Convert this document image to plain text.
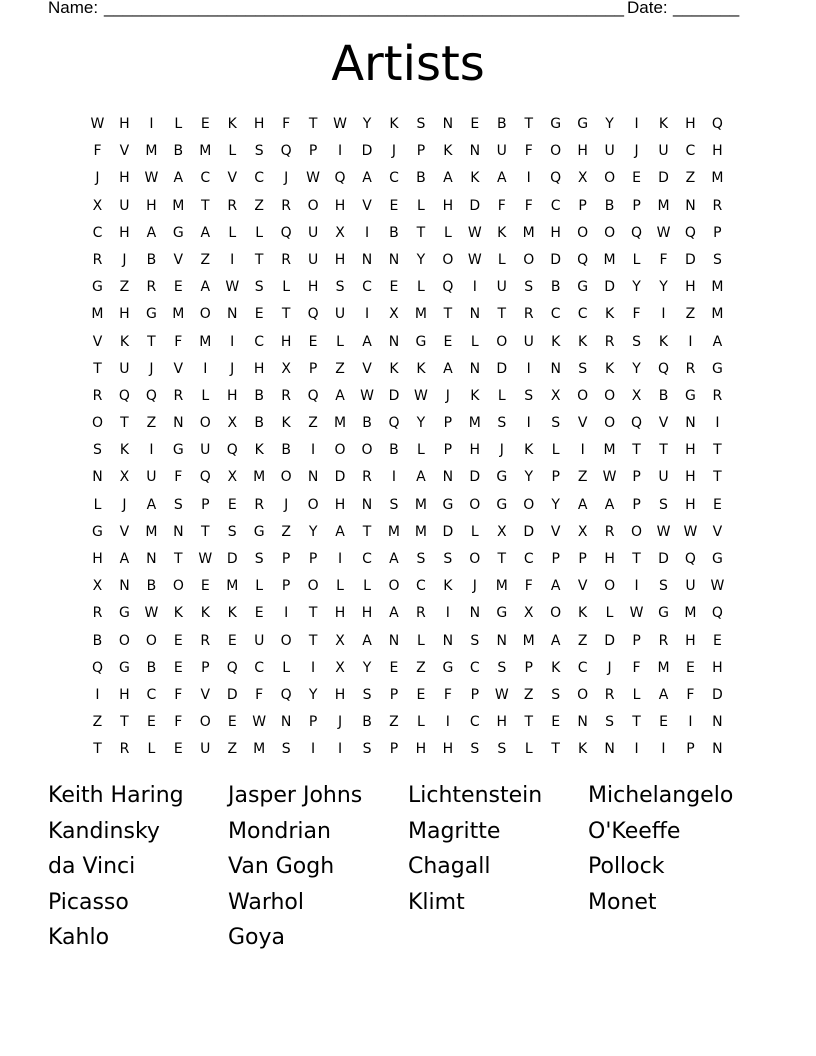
Name: _______________________________________________________ Date: _______
Artists
W	H	I	L	E	K	H	F	T	W	Y	K	S	N	E	B	T	G	G	Y	I	K	H	Q
F	V	M	B	M	L	S	Q	P	I	D	J	P	K	N	U	F	O	H	U	J	U	C	H
J	H	W	A	C	V	C	J	W	Q	A	C	B	A	K	A	I	Q	X	O	E	D	Z	M
X	U	H	M	T	R	Z	R	O	H	V	E	L	H	D	F	F	C	P	B	P	M	N	R
C	H	A	G	A	L	L	Q	U	X	I	B	T	L	W	K	M	H	O	O	Q	W	Q	P
R	J	B	V	Z	I	T	R	U	H	N	N	Y	O	W	L	O	D	Q	M	L	F	D	S
G	Z	R	E	A	W	S	L	H	S	C	E	L	Q	I	U	S	B	G	D	Y	Y	H	M
M	H	G	M	O	N	E	T	Q	U	I	X	M	T	N	T	R	C	C	K	F	I	Z	M
V	K	T	F	M	I	C	H	E	L	A	N	G	E	L	O	U	K	K	R	S	K	I	A
T	U	J	V	I	J	H	X	P	Z	V	K	K	A	N	D	I	N	S	K	Y	Q	R	G
R	Q	Q	R	L	H	B	R	Q	A	W	D	W	J	K	L	S	X	O	O	X	B	G	R
O	T	Z	N	O	X	B	K	Z	M	B	Q	Y	P	M	S	I	S	V	O	Q	V	N	I
S	K	I	G	U	Q	K	B	I	O	O	B	L	P	H	J	K	L	I	M	T	T	H	T
N	X	U	F	Q	X	M	O	N	D	R	I	A	N	D	G	Y	P	Z	W	P	U	H	T
L	J	A	S	P	E	R	J	O	H	N	S	M	G	O	G	O	Y	A	A	P	S	H	E
G	V	M	N	T	S	G	Z	Y	A	T	M	M	D	L	X	D	V	X	R	O	W W	V
H	A	N	T	W	D	S	P	P	I	C	A	S	S	O	T	C	P	P	H	T	D	Q	G
X	N	B	O	E	M	L	P	O	L	L	O	C	K	J	M	F	A	V	O	I	S	U	W
R	G	W	K	K	K	E	I	T	H	H	A	R	I	N	G	X	O	K	L	W	G	M	Q
B	O	O	E	R	E	U	O	T	X	A	N	L	N	S	N	M	A	Z	D	P	R	H	E
Q	G	B	E	P	Q	C	L	I	X	Y	E	Z	G	C	S	P	K	C	J	F	M	E	H
I	H	C	F	V	D	F	Q	Y	H	S	P	E	F	P	W	Z	S	O	R	L	A	F	D
Z	T	E	F	O	E	W	N	P	J	B	Z	L	I	C	H	T	E	N	S	T	E	I	N
T	R	L	E	U	Z	M	S	I	I	S	P	H	H	S	S	L	T	K	N	I	I	P	N
Keith Haring	Jasper Johns	Lichtenstein	Michelangelo
Kandinsky	Mondrian	Magritte	O'Keeffe
da Vinci	Van Gogh	Chagall	Pollock
Picasso	Warhol	Klimt	Monet
Kahlo	Goya
